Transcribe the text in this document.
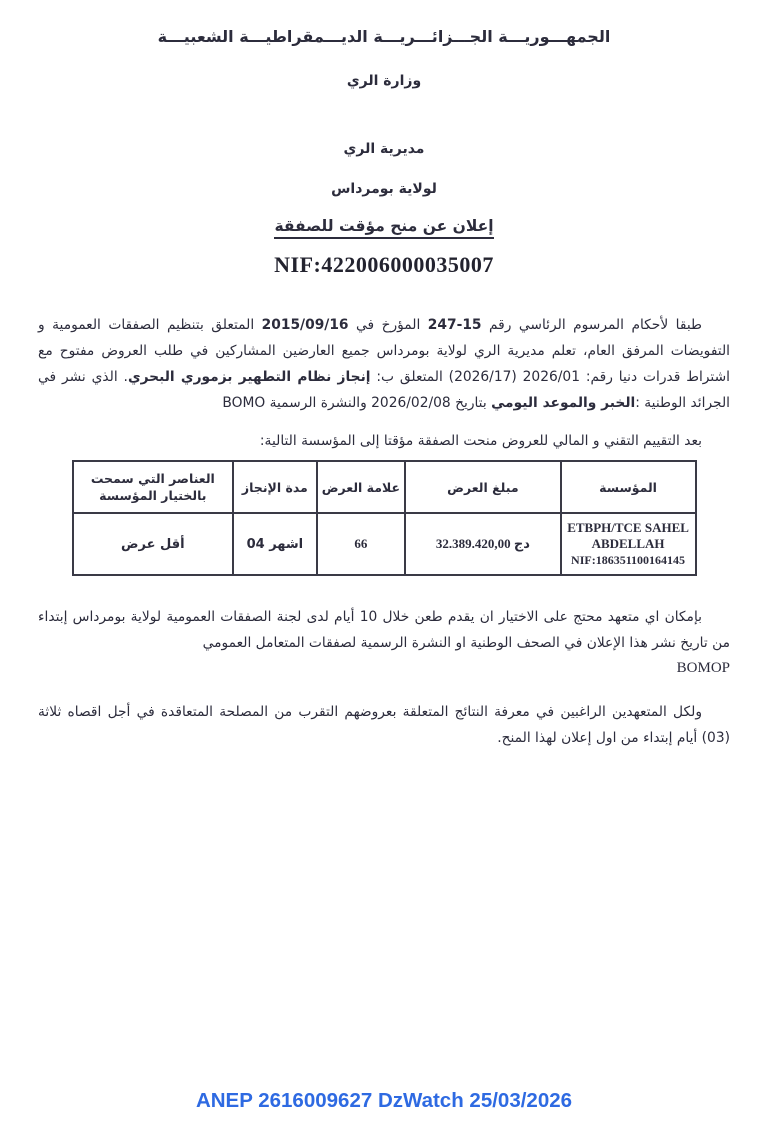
الجمهـــوريـــة الجـــزائـــريـــة الديـــمقراطيـــة الشعبيـــة
وزارة الري
مديرية الري
لولاية بومرداس
إعلان عن منح مؤقت للصفقة
NIF:422006000035007

طبقا لأحكام المرسوم الرئاسي رقم 15-247 المؤرخ في 2015/09/16 المتعلق بتنظيم الصفقات العمومية و التفويضات المرفق العام، تعلم مديرية الري لولاية بومرداس جميع العارضين المشاركين في طلب العروض مفتوح مع اشتراط قدرات دنيا رقم: 2026/01 (2026/17) المتعلق ب: إنجاز نظام التطهير بزموري البحري. الذي نشر في الجرائد الوطنية :الخبر والموعد اليومي بتاريخ 2026/02/08 والنشرة الرسمية BOMO

بعد التقييم التقني و المالي للعروض منحت الصفقة مؤقتا إلى المؤسسة التالية:

المؤسسة	مبلغ العرض	علامة العرض	مدة الإنجاز	العناصر التي سمحت بالختيار المؤسسة

ETBPH/TCE SAHEL ABDELLAH
NIF:186351100164145	32.389.420,00 دج	66	04 اشهر	أقل عرض

بإمكان اي متعهد محتج على الاختيار ان يقدم طعن خلال 10 أيام لدى لجنة الصفقات العمومية لولاية بومرداس إبتداء من تاريخ نشر هذا الإعلان في الصحف الوطنية او النشرة الرسمية لصفقات المتعامل العمومي

BOMOP

ولكل المتعهدين الراغبين في معرفة النتائج المتعلقة بعروضهم التقرب من المصلحة المتعاقدة في أجل اقصاه ثلاثة (03) أيام إبتداء من اول إعلان لهذا المنح.

ANEP 2616009627 DzWatch 25/03/2026
